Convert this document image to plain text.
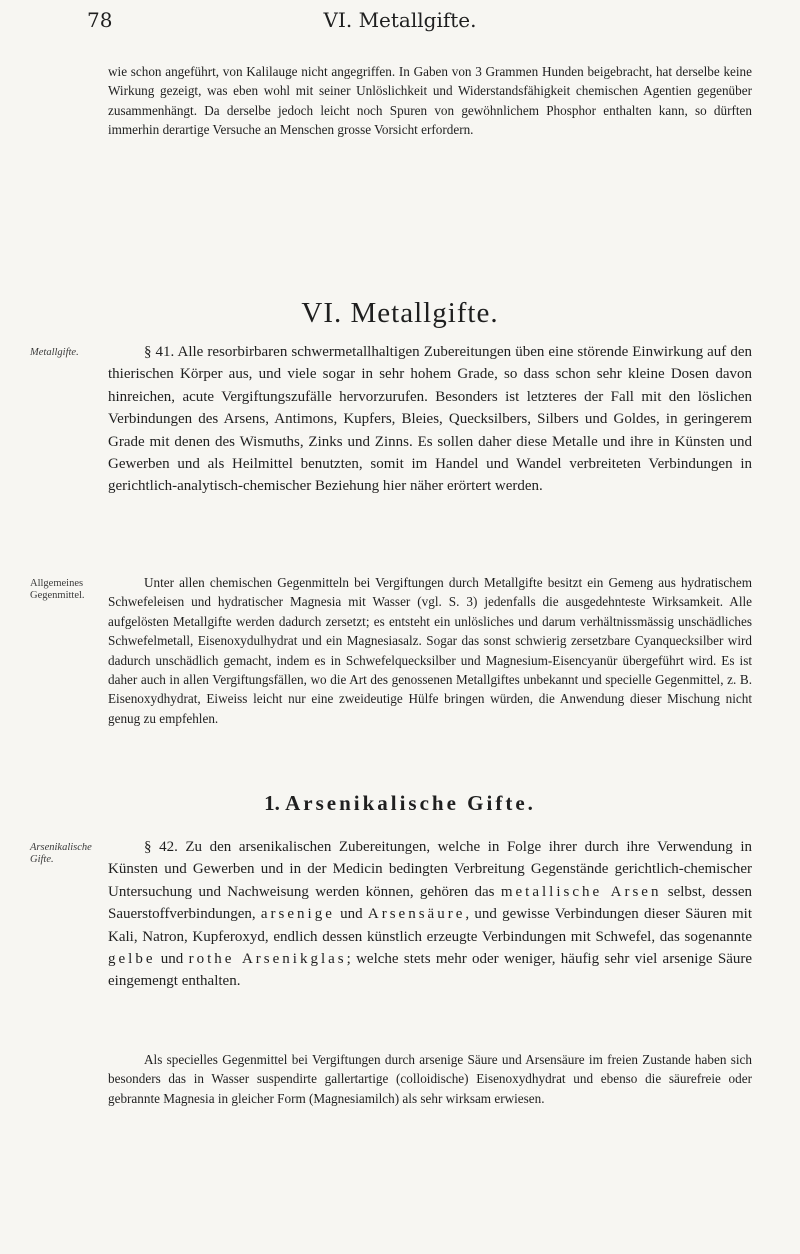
78	VI. Metallgifte.

wie schon angeführt, von Kalilauge nicht angegriffen. In Gaben von 3 Grammen Hunden beigebracht, hat derselbe keine Wirkung gezeigt, was eben wohl mit seiner Unlöslichkeit und Widerstandsfähigkeit chemischen Agentien gegenüber zusammenhängt. Da derselbe jedoch leicht noch Spuren von gewöhnlichem Phosphor enthalten kann, so dürften immerhin derartige Versuche an Menschen grosse Vorsicht erfordern.

VI. Metallgifte.
Metallgifte.	§ 41. Alle resorbirbaren schwermetallhaltigen Zubereitungen üben eine störende Einwirkung auf den thierischen Körper aus, und viele sogar in sehr hohem Grade, so dass schon sehr kleine Dosen davon hinreichen, acute Vergiftungszufälle hervorzurufen. Besonders ist letzteres der Fall mit den löslichen Verbindungen des Arsens, Antimons, Kupfers, Bleies, Quecksilbers, Silbers und Goldes, in geringerem Grade mit denen des Wismuths, Zinks und Zinns. Es sollen daher diese Metalle und ihre in Künsten und Gewerben und als Heilmittel benutzten, somit im Handel und Wandel verbreiteten Verbindungen in gerichtlich-analytisch-chemischer Beziehung hier näher erörtert werden.

Allgemeines Gegenmittel.

Unter allen chemischen Gegenmitteln bei Vergiftungen durch Metallgifte besitzt ein Gemeng aus hydratischem Schwefeleisen und hydratischer Magnesia mit Wasser (vgl. S. 3) jedenfalls die ausgedehnteste Wirksamkeit. Alle aufgelösten Metallgifte werden dadurch zersetzt; es entsteht ein unlösliches und darum verhältnissmässig unschädliches Schwefelmetall, Eisenoxydulhydrat und ein Magnesiasalz. Sogar das sonst schwierig zersetzbare Cyanquecksilber wird dadurch unschädlich gemacht, indem es in Schwefelquecksilber und Magnesium-Eisencyanür übergeführt wird. Es ist daher auch in allen Vergiftungsfällen, wo die Art des genossenen Metallgiftes unbekannt und specielle Gegenmittel, z. B. Eisenoxydhydrat, Eiweiss leicht nur eine zweideutige Hülfe bringen würden, die Anwendung dieser Mischung nicht genug zu empfehlen.

1. Arsenikalische Gifte.
Arsenikalische Gifte.

§ 42. Zu den arsenikalischen Zubereitungen, welche in Folge ihrer durch ihre Verwendung in Künsten und Gewerben und in der Medicin bedingten Verbreitung Gegenstände gerichtlich-chemischer Untersuchung und Nachweisung werden können, gehören das metallische Arsen selbst, dessen Sauerstoffverbindungen, arsenige und Arsensäure, und gewisse Verbindungen dieser Säuren mit Kali, Natron, Kupferoxyd, endlich dessen künstlich erzeugte Verbindungen mit Schwefel, das sogenannte gelbe und rothe Arsenikglas; welche stets mehr oder weniger, häufig sehr viel arsenige Säure eingemengt enthalten.

Als specielles Gegenmittel bei Vergiftungen durch arsenige Säure und Arsensäure im freien Zustande haben sich besonders das in Wasser suspendirte gallertartige (colloidische) Eisenoxydhydrat und ebenso die säurefreie oder gebrannte Magnesia in gleicher Form (Magnesiamilch) als sehr wirksam erwiesen.
